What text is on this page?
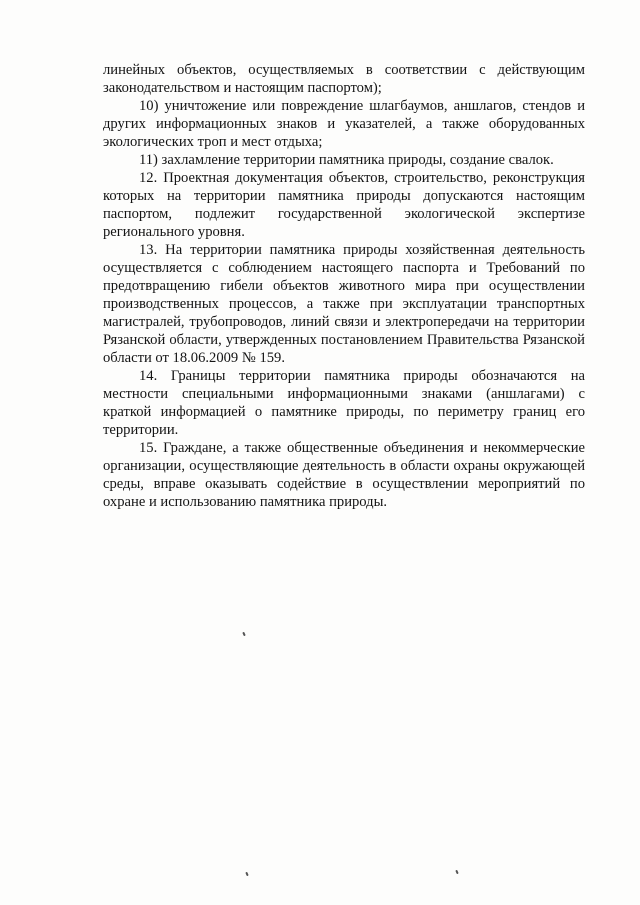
линейных объектов, осуществляемых в соответствии с действующим законодательством и настоящим паспортом);

10) уничтожение или повреждение шлагбаумов, аншлагов, стендов и других информационных знаков и указателей, а также оборудованных экологических троп и мест отдыха;

11) захламление территории памятника природы, создание свалок.

12. Проектная документация объектов, строительство, реконструкция которых на территории памятника природы допускаются настоящим паспортом, подлежит государственной экологической экспертизе регионального уровня.

13. На территории памятника природы хозяйственная деятельность осуществляется с соблюдением настоящего паспорта и Требований по предотвращению гибели объектов животного мира при осуществлении производственных процессов, а также при эксплуатации транспортных магистралей, трубопроводов, линий связи и электропередачи на территории Рязанской области, утвержденных постановлением Правительства Рязанской области от 18.06.2009 № 159.

14. Границы территории памятника природы обозначаются на местности специальными информационными знаками (аншлагами) с краткой информацией о памятнике природы, по периметру границ его территории.

15. Граждане, а также общественные объединения и некоммерческие организации, осуществляющие деятельность в области охраны окружающей среды, вправе оказывать содействие в осуществлении мероприятий по охране и использованию памятника природы.
